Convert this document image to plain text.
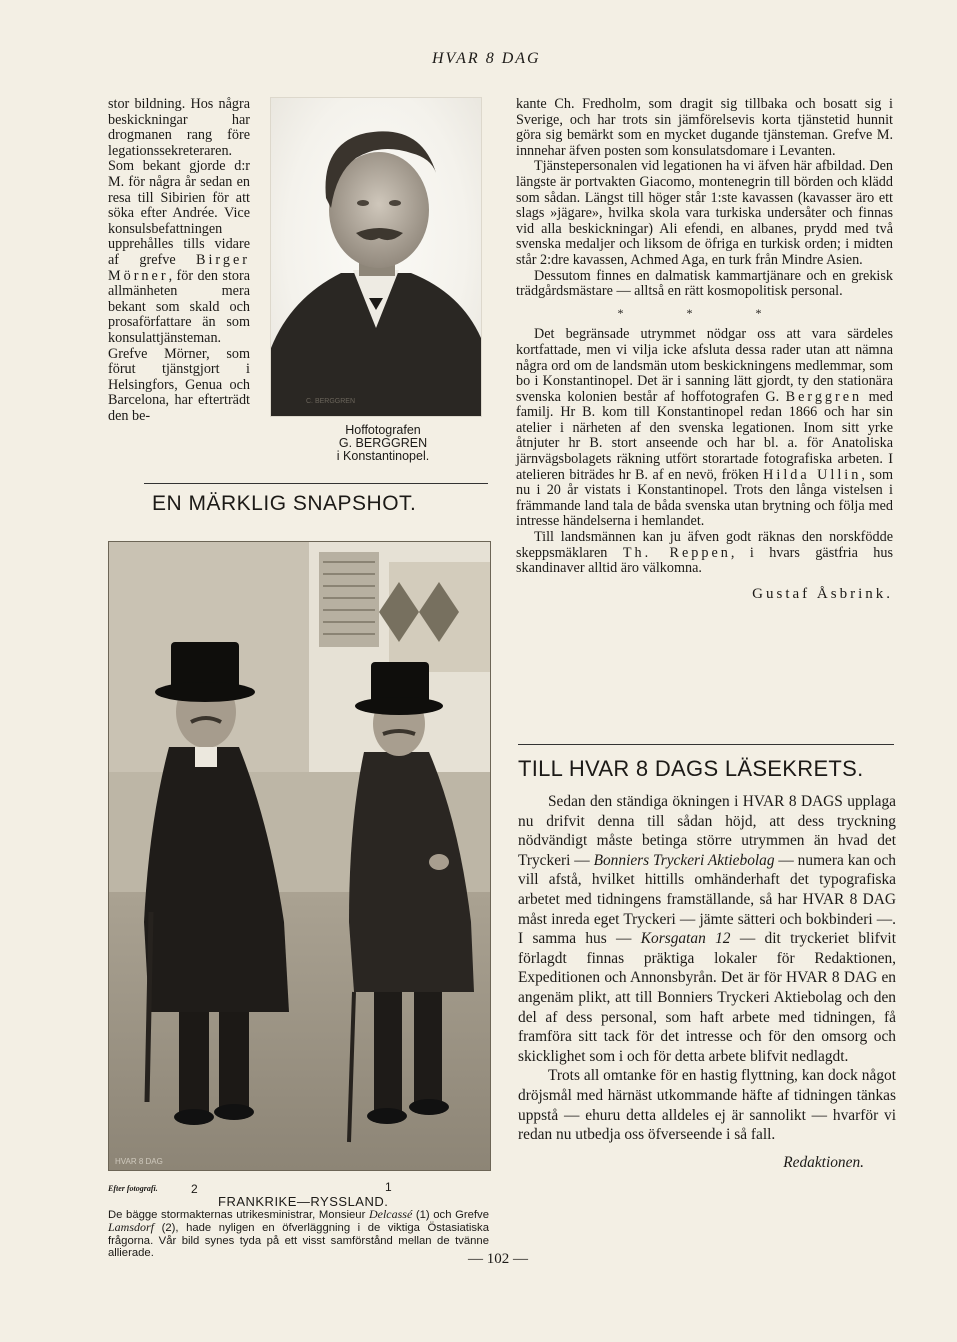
HVAR 8 DAG

stor bildning. Hos några beskickningar har drogmanen rang före legationssekreteraren. Som bekant gjorde d:r M. för några år sedan en resa till Sibirien för att söka efter Andrée. Vice konsulsbefattningen upprehålles tills vidare af grefve Birger Mörner, för den stora allmänheten mera bekant som skald och prosaförfattare än som konsulattjänsteman.

Grefve Mörner, som förut tjänstgjort i Helsingfors, Genua och Barcelona, har efterträdt den be-

C. BERGGREN
Hoffotografen
G. BERGGREN
i Konstantinopel.
EN MÄRKLIG SNAPSHOT.
HVAR 8 DAG
Efter fotografi.	2	1
FRANKRIKE—RYSSLAND.
De bägge stormakternas utrikesministrar, Monsieur Delcassé (1) och Grefve Lamsdorf (2), hade nyligen en öfverläggning i de viktiga Östasiatiska frågorna. Vår bild synes tyda på ett visst samförstånd mellan de tvänne allierade.

kante Ch. Fredholm, som dragit sig tillbaka och bosatt sig i Sverige, och har trots sin jämförelsevis korta tjänstetid hunnit göra sig bemärkt som en mycket dugande tjänsteman. Grefve M. innnehar äfven posten som konsulatsdomare i Levanten.

Tjänstepersonalen vid legationen ha vi äfven här afbildad. Den längste är portvakten Giacomo, montenegrin till börden och klädd som sådan. Längst till höger står 1:ste kavassen (kavasser äro ett slags »jägare», hvilka skola vara turkiska undersåter och finnas vid alla beskickningar) Ali efendi, en albanes, prydd med två svenska medaljer och liksom de öfriga en turkisk orden; i midten står 2:dre kavassen, Achmed Aga, en turk från Mindre Asien.

Dessutom finnes en dalmatisk kammartjänare och en grekisk trädgårdsmästare — alltså en rätt kosmopolitisk personal.

* * *

Det begränsade utrymmet nödgar oss att vara särdeles kortfattade, men vi vilja icke afsluta dessa rader utan att nämna några ord om de landsmän utom beskickningens medlemmar, som bo i Konstantinopel. Det är i sanning lätt gjordt, ty den stationära svenska kolonien består af hoffotografen G. Berggren med familj. Hr B. kom till Konstantinopel redan 1866 och har sin atelier i närheten af den svenska legationen. Inom sitt yrke åtnjuter hr B. stort anseende och har bl. a. för Anatoliska järnvägsbolagets räkning utfört storartade fotografiska arbeten. I atelieren biträdes hr B. af en nevö, fröken Hilda Ullin, som nu i 20 år vistats i Konstantinopel. Trots den långa vistelsen i främmande land tala de båda svenska utan brytning och följa med intresse händelserna i hemlandet.

Till landsmännen kan ju äfven godt räknas den norskfödde skeppsmäklaren Th. Reppen, i hvars gästfria hus skandinaver alltid äro välkomna.

Gustaf Åsbrink.
TILL HVAR 8 DAGS LÄSEKRETS.

Sedan den ständiga ökningen i HVAR 8 DAGS upplaga nu drifvit denna till sådan höjd, att dess tryckning nödvändigt måste betinga större utrymmen än hvad det Tryckeri — Bonniers Tryckeri Aktiebolag — numera kan och vill afstå, hvilket hittills omhänderhaft det typografiska arbetet med tidningens framställande, så har HVAR 8 DAG måst inreda eget Tryckeri — jämte sätteri och bokbinderi —. I samma hus — Korsgatan 12 — dit tryckeriet blifvit förlagdt finnas präktiga lokaler för Redaktionen, Expeditionen och Annonsbyrån. Det är för HVAR 8 DAG en angenäm plikt, att till Bonniers Tryckeri Aktiebolag och den del af dess personal, som haft arbete med tidningen, få framföra sitt tack för det intresse och för den omsorg och skicklighet som i och för detta arbete blifvit nedlagdt.

Trots all omtanke för en hastig flyttning, kan dock något dröjsmål med härnäst utkommande häfte af tidningen tänkas uppstå — ehuru detta alldeles ej är sannolikt — hvarför vi redan nu utbedja oss öfverseende i så fall.

Redaktionen.
— 102 —
